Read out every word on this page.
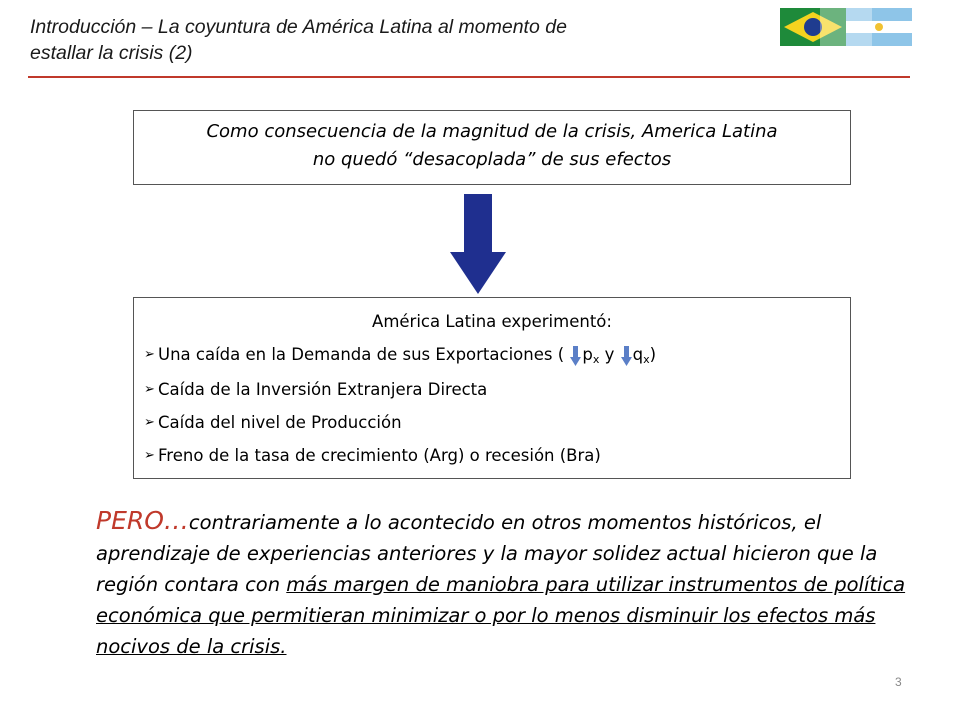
Introducción – La coyuntura de América Latina al momento de
estallar la crisis (2)
Como consecuencia de la magnitud de la crisis, America Latina
no quedó “desacoplada” de sus efectos
América Latina experimentó:
➢ Una caída en la Demanda de sus Exportaciones ( $p_x$ y $q_x$)
➢ Caída de la Inversión Extranjera Directa
➢ Caída del nivel de Producción
➢ Freno de la tasa de crecimiento (Arg) o recesión (Bra)
PERO…contrariamente a lo acontecido en otros momentos históricos, el aprendizaje de experiencias anteriores y la mayor solidez actual hicieron que la región contara con más margen de maniobra para utilizar instrumentos de política económica que permitieran minimizar o por lo menos disminuir los efectos más nocivos de la crisis.
3
